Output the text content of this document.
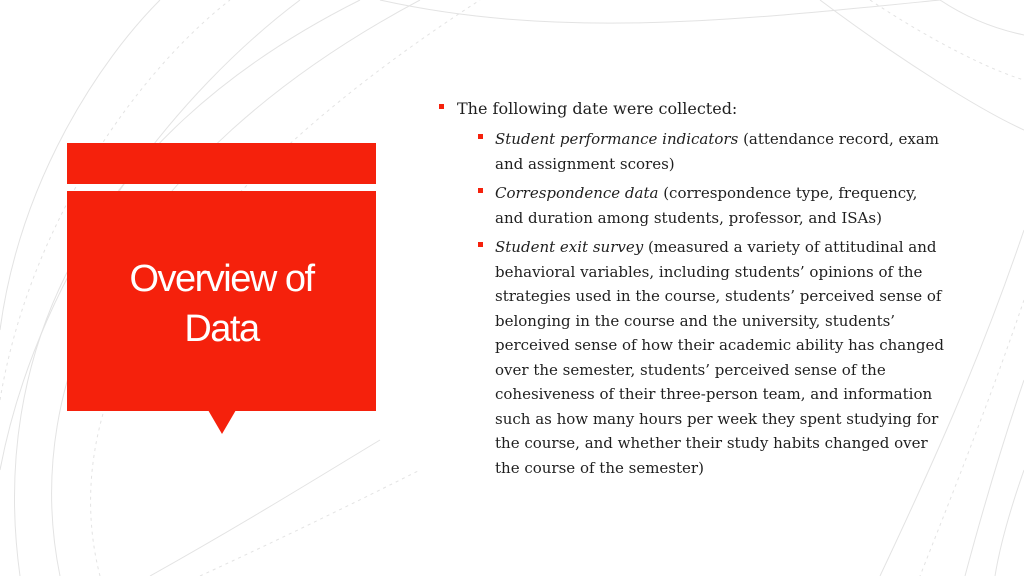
Overview of Data
The following date were collected:
Student performance indicators (attendance record, exam and assignment scores)
Correspondence data (correspondence type, frequency, and duration among students, professor, and ISAs)
Student exit survey (measured a variety of attitudinal and behavioral variables, including students’ opinions of the strategies used in the course, students’ perceived sense of belonging in the course and the university, students’ perceived sense of how their academic ability has changed over the semester, students’ perceived sense of the cohesiveness of their three-person team, and information such as how many hours per week they spent studying for the course, and whether their study habits changed over the course of the semester)
